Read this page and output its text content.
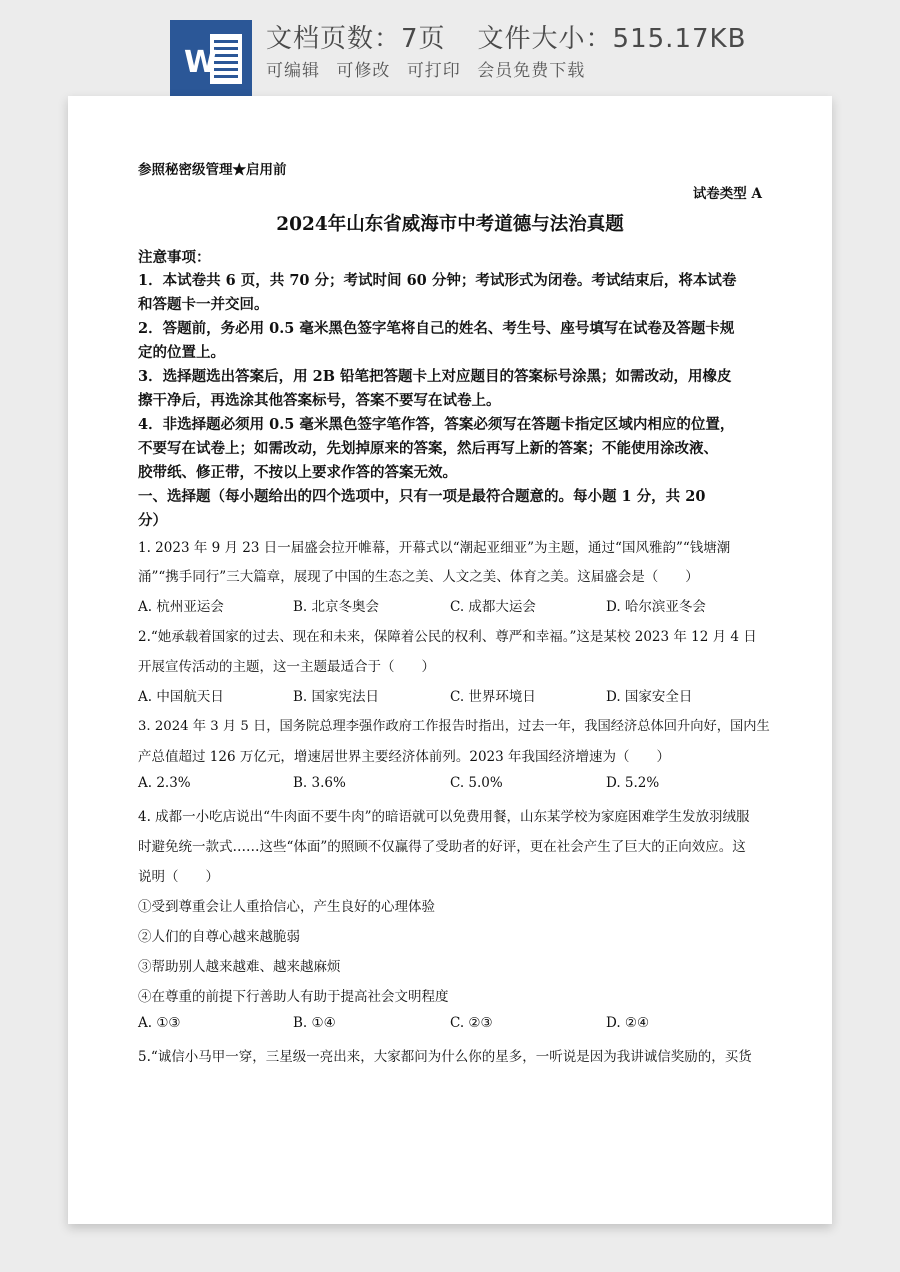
W
文档页数：7页 文件大小：515.17KB
可编辑 可修改 可打印 会员免费下载
参照秘密级管理★启用前
试卷类型 A
2024年山东省威海市中考道德与法治真题
注意事项：
1．本试卷共 6 页，共 70 分；考试时间 60 分钟；考试形式为闭卷。考试结束后，将本试卷
和答题卡一并交回。
2．答题前，务必用 0.5 毫米黑色签字笔将自己的姓名、考生号、座号填写在试卷及答题卡规
定的位置上。
3．选择题选出答案后，用 2B 铅笔把答题卡上对应题目的答案标号涂黑；如需改动，用橡皮
擦干净后，再选涂其他答案标号，答案不要写在试卷上。
4．非选择题必须用 0.5 毫米黑色签字笔作答，答案必须写在答题卡指定区域内相应的位置，
不要写在试卷上；如需改动，先划掉原来的答案，然后再写上新的答案；不能使用涂改液、
胶带纸、修正带，不按以上要求作答的答案无效。
一、选择题（每小题给出的四个选项中，只有一项是最符合题意的。每小题 1 分，共 20
分）
1. 2023 年 9 月 23 日一届盛会拉开帷幕，开幕式以“潮起亚细亚”为主题，通过“国风雅韵”“钱塘潮
涌”“携手同行”三大篇章，展现了中国的生态之美、人文之美、体育之美。这届盛会是（　　）
A. 杭州亚运会	B. 北京冬奥会	C. 成都大运会	D. 哈尔滨亚冬会
2.“她承载着国家的过去、现在和未来，保障着公民的权利、尊严和幸福。”这是某校 2023 年 12 月 4 日
开展宣传活动的主题，这一主题最适合于（　　）
A. 中国航天日	B. 国家宪法日	C. 世界环境日	D. 国家安全日
3. 2024 年 3 月 5 日，国务院总理李强作政府工作报告时指出，过去一年，我国经济总体回升向好，国内生
产总值超过 126 万亿元，增速居世界主要经济体前列。2023 年我国经济增速为（　　）
A. 2.3%	B. 3.6%	C. 5.0%	D. 5.2%
4. 成都一小吃店说出“牛肉面不要牛肉”的暗语就可以免费用餐，山东某学校为家庭困难学生发放羽绒服
时避免统一款式……这些“体面”的照顾不仅赢得了受助者的好评，更在社会产生了巨大的正向效应。这
说明（　　）
①受到尊重会让人重拾信心，产生良好的心理体验
②人们的自尊心越来越脆弱
③帮助别人越来越难、越来越麻烦
④在尊重的前提下行善助人有助于提高社会文明程度
A. ①③	B. ①④	C. ②③	D. ②④
5.“诚信小马甲一穿，三星级一亮出来，大家都问为什么你的星多，一听说是因为我讲诚信奖励的，买货
